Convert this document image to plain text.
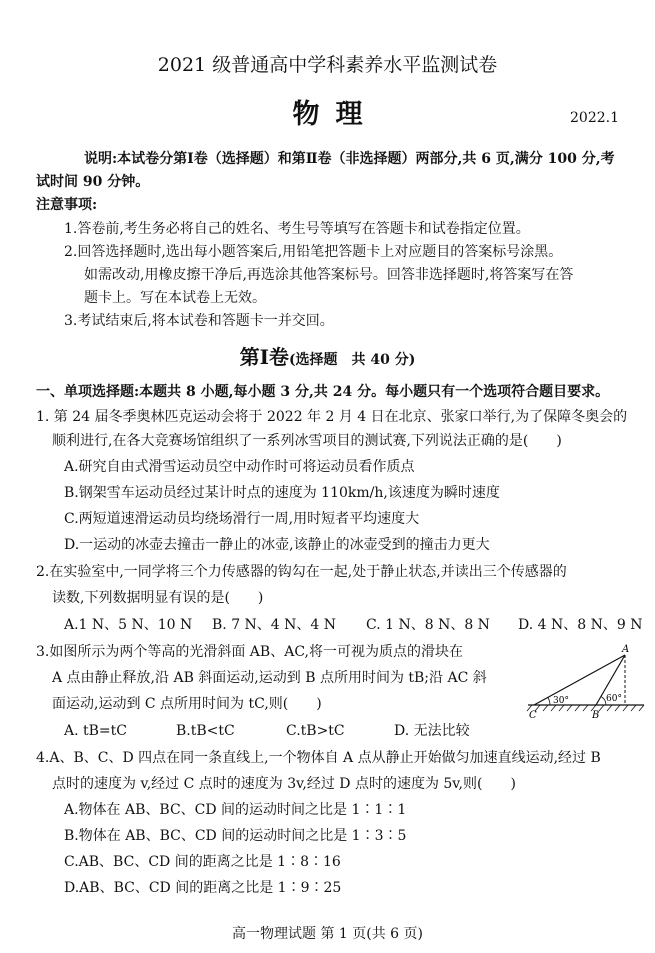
2021 级普通高中学科素养水平监测试卷
物理	2022.1
说明:本试卷分第Ⅰ卷（选择题）和第Ⅱ卷（非选择题）两部分,共 6 页,满分 100 分,考
试时间 90 分钟。
注意事项:
1.答卷前,考生务必将自己的姓名、考生号等填写在答题卡和试卷指定位置。
2.回答选择题时,选出每小题答案后,用铅笔把答题卡上对应题目的答案标号涂黑。
如需改动,用橡皮擦干净后,再选涂其他答案标号。回答非选择题时,将答案写在答
题卡上。写在本试卷上无效。
3.考试结束后,将本试卷和答题卡一并交回。
第Ⅰ卷(选择题　共 40 分)
一、单项选择题:本题共 8 小题,每小题 3 分,共 24 分。每小题只有一个选项符合题目要求。
1. 第 24 届冬季奥林匹克运动会将于 2022 年 2 月 4 日在北京、张家口举行,为了保障冬奥会的
顺利进行,在各大竞赛场馆组织了一系列冰雪项目的测试赛,下列说法正确的是(　　)
A.研究自由式滑雪运动员空中动作时可将运动员看作质点
B.钢架雪车运动员经过某计时点的速度为 110km/h,该速度为瞬时速度
C.两短道速滑运动员均绕场滑行一周,用时短者平均速度大
D.一运动的冰壶去撞击一静止的冰壶,该静止的冰壶受到的撞击力更大
2.在实验室中,一同学将三个力传感器的钩勾在一起,处于静止状态,并读出三个传感器的
读数,下列数据明显有误的是(　　)
A.1 N、5 N、10 N B. 7 N、4 N、4 N C. 1 N、8 N、8 N D. 4 N、8 N、9 N
3.如图所示为两个等高的光滑斜面 AB、AC,将一可视为质点的滑块在
A 点由静止释放,沿 AB 斜面运动,运动到 B 点所用时间为 tB;沿 AC 斜
面运动,运动到 C 点所用时间为 tC,则(　　)
A. tB=tC	B.tB<tC	C.tB>tC	D. 无法比较
30°	60°
A
B
C
4.A、B、C、D 四点在同一条直线上,一个物体自 A 点从静止开始做匀加速直线运动,经过 B
点时的速度为 v,经过 C 点时的速度为 3v,经过 D 点时的速度为 5v,则(　　)
A.物体在 AB、BC、CD 间的运动时间之比是 1∶1∶1
B.物体在 AB、BC、CD 间的运动时间之比是 1∶3∶5
C.AB、BC、CD 间的距离之比是 1∶8∶16
D.AB、BC、CD 间的距离之比是 1∶9∶25
高一物理试题 第 1 页(共 6 页)
